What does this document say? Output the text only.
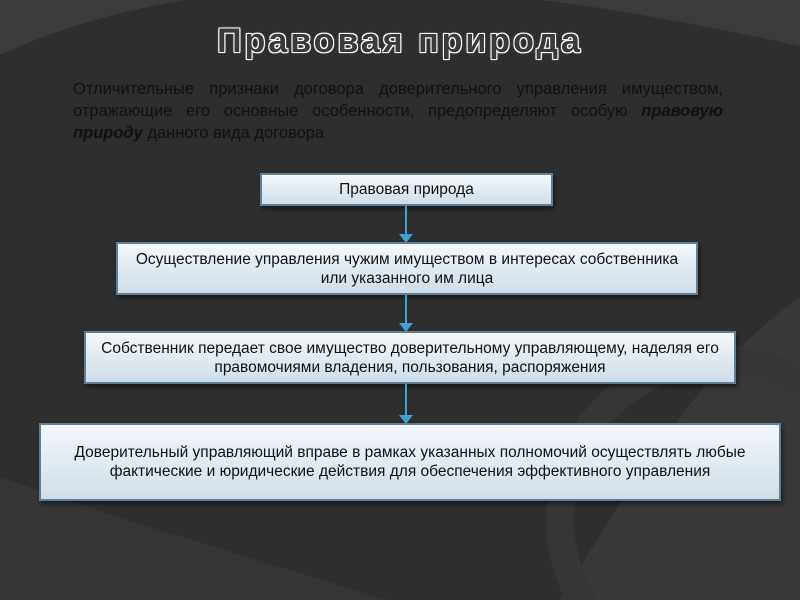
Правовая природа
Отличительные признаки договора доверительного управления имуществом, отражающие его основные особенности, предопределяют особую правовую природу данного вида договора
Правовая природа
Осуществление управления чужим имуществом в интересах собственника или указанного им лица
Собственник передает свое имущество доверительному управляющему, наделяя его правомочиями владения, пользования, распоряжения
Доверительный управляющий вправе в рамках указанных полномочий осуществлять любые фактические и юридические действия для обеспечения эффективного управления
